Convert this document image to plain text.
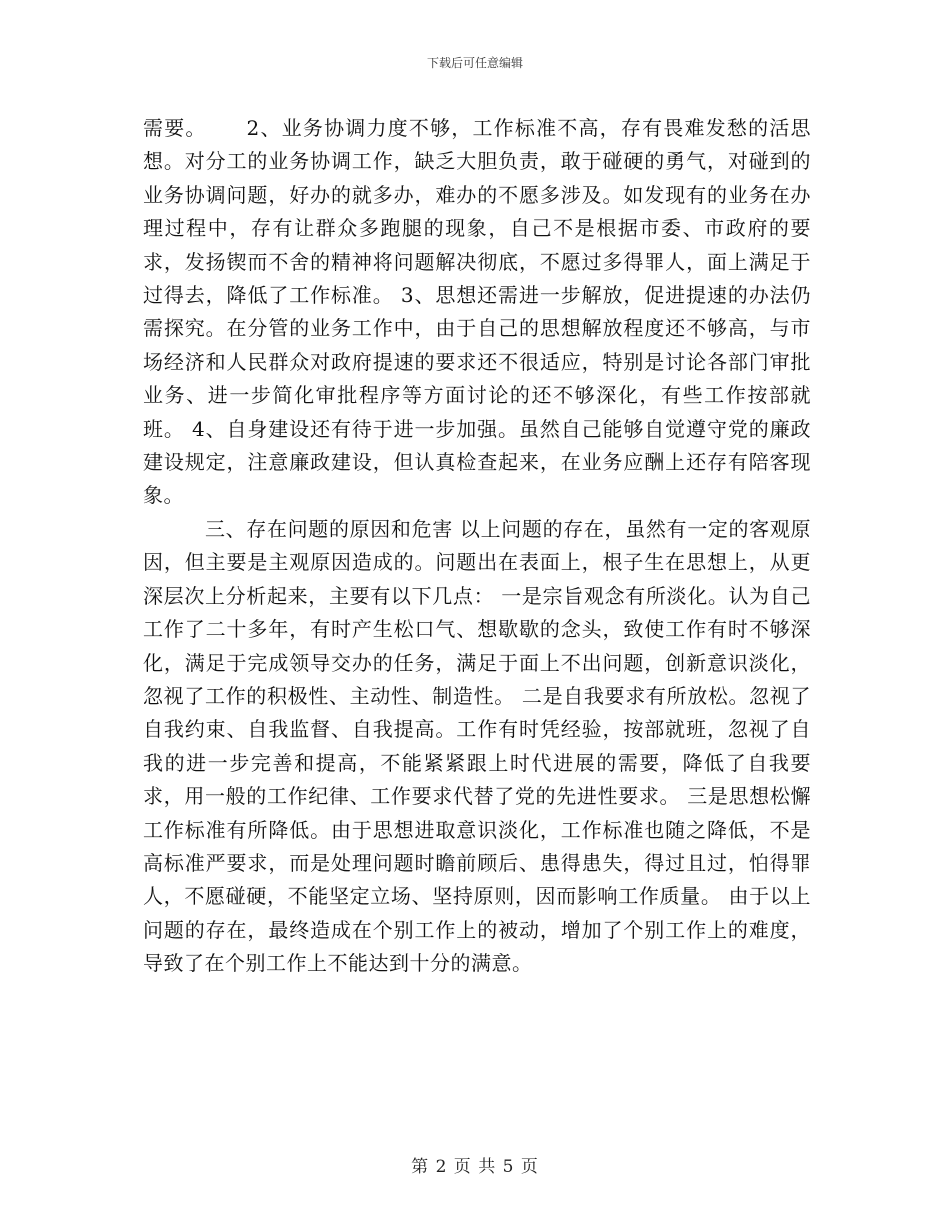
下载后可任意编辑

需要。　　 2、业务协调力度不够，工作标准不高，存有畏难发愁的活思想。对分工的业务协调工作，缺乏大胆负责，敢于碰硬的勇气，对碰到的业务协调问题，好办的就多办，难办的不愿多涉及。如发现有的业务在办理过程中，存有让群众多跑腿的现象，自己不是根据市委、市政府的要求，发扬锲而不舍的精神将问题解决彻底，不愿过多得罪人，面上满足于过得去，降低了工作标准。 3、思想还需进一步解放，促进提速的办法仍需探究。在分管的业务工作中，由于自己的思想解放程度还不够高，与市场经济和人民群众对政府提速的要求还不很适应，特别是讨论各部门审批业务、进一步简化审批程序等方面讨论的还不够深化，有些工作按部就班。 4、自身建设还有待于进一步加强。虽然自己能够自觉遵守党的廉政建设规定，注意廉政建设，但认真检查起来，在业务应酬上还存有陪客现象。

　　　三、存在问题的原因和危害 以上问题的存在，虽然有一定的客观原因，但主要是主观原因造成的。问题出在表面上，根子生在思想上，从更深层次上分析起来，主要有以下几点： 一是宗旨观念有所淡化。认为自己工作了二十多年，有时产生松口气、想歇歇的念头，致使工作有时不够深化，满足于完成领导交办的任务，满足于面上不出问题，创新意识淡化，忽视了工作的积极性、主动性、制造性。 二是自我要求有所放松。忽视了自我约束、自我监督、自我提高。工作有时凭经验，按部就班，忽视了自我的进一步完善和提高，不能紧紧跟上时代进展的需要，降低了自我要求，用一般的工作纪律、工作要求代替了党的先进性要求。 三是思想松懈工作标准有所降低。由于思想进取意识淡化，工作标准也随之降低，不是高标准严要求，而是处理问题时瞻前顾后、患得患失，得过且过，怕得罪人，不愿碰硬，不能坚定立场、坚持原则，因而影响工作质量。 由于以上问题的存在，最终造成在个别工作上的被动，增加了个别工作上的难度，导致了在个别工作上不能达到十分的满意。

第 2 页 共 5 页
